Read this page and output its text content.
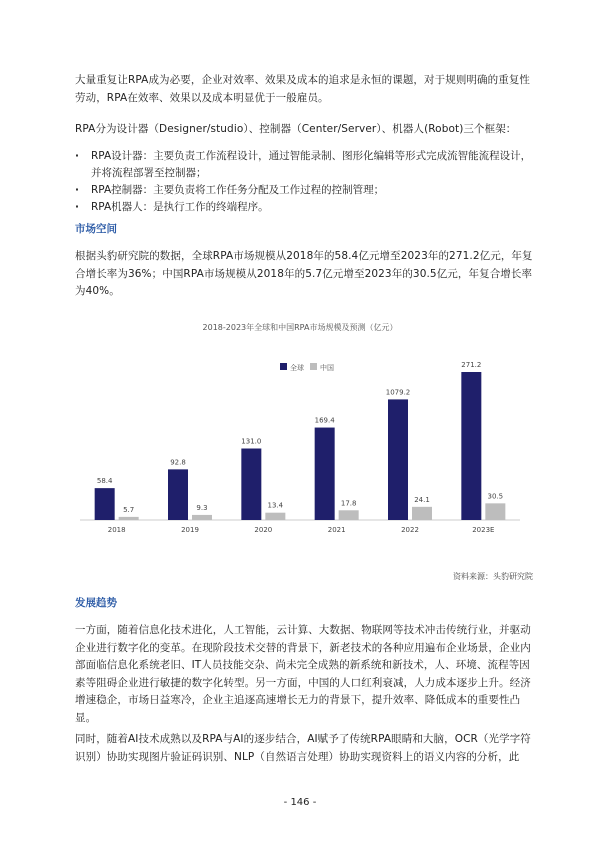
大量重复让RPA成为必要，企业对效率、效果及成本的追求是永恒的课题，对于规则明确的重复性劳动，RPA在效率、效果以及成本明显优于一般雇员。

RPA分为设计器（Designer/studio）、控制器（Center/Server）、机器人(Robot)三个框架：

· RPA设计器：主要负责工作流程设计，通过智能录制、图形化编辑等形式完成流智能流程设计，并将流程部署至控制器；
· RPA控制器：主要负责将工作任务分配及工作过程的控制管理；
· RPA机器人：是执行工作的终端程序。
市场空间

根据头豹研究院的数据，全球RPA市场规模从2018年的58.4亿元增至2023年的271.2亿元，年复合增长率为36%；中国RPA市场规模从2018年的5.7亿元增至2023年的30.5亿元，年复合增长率为40%。

2018-2023年全球和中国RPA市场规模及预测（亿元）
全球 中国
58.4
5.7
2018
92.8
9.3
2019
131.0
13.4
2020
169.4
17.8
2021
1079.2
24.1
2022
271.2
30.5
2023E
资料来源：头豹研究院
发展趋势

一方面，随着信息化技术进化，人工智能，云计算、大数据、物联网等技术冲击传统行业，并驱动企业进行数字化的变革。在现阶段技术交替的背景下，新老技术的各种应用遍布企业场景，企业内部面临信息化系统老旧、IT人员技能交杂、尚未完全成熟的新系统和新技术，人、环境、流程等因素等阻碍企业进行敏捷的数字化转型。另一方面，中国的人口红利衰减，人力成本逐步上升。经济增速稳企，市场日益寒冷，企业主追逐高速增长无力的背景下，提升效率、降低成本的重要性凸显。

同时，随着AI技术成熟以及RPA与AI的逐步结合，AI赋予了传统RPA眼睛和大脑，OCR（光学字符识别）协助实现图片验证码识别、NLP（自然语言处理）协助实现资料上的语义内容的分析，此

- 146 -
